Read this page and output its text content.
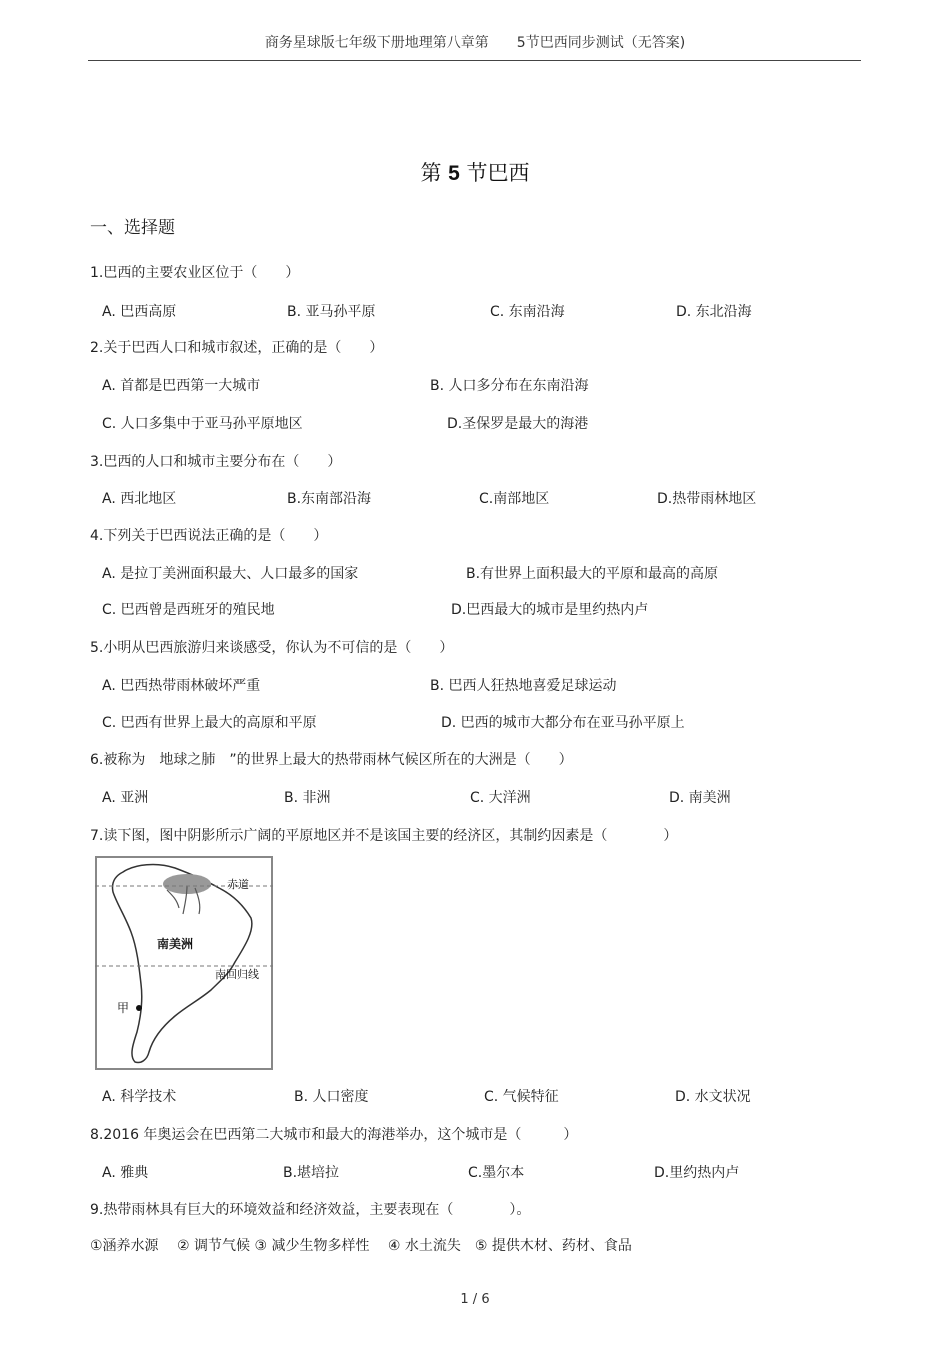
商务星球版七年级下册地理第八章第　　5节巴西同步测试（无答案)
第 5 节巴西
一、选择题
1.巴西的主要农业区位于（　　）
A. 巴西高原	B. 亚马孙平原	C. 东南沿海	D. 东北沿海
2.关于巴西人口和城市叙述，正确的是（　　）
A. 首都是巴西第一大城市	B. 人口多分布在东南沿海
C. 人口多集中于亚马孙平原地区	D.圣保罗是最大的海港
3.巴西的人口和城市主要分布在（　　）
A. 西北地区	B.东南部沿海	C.南部地区	D.热带雨林地区
4.下列关于巴西说法正确的是（　　）
A. 是拉丁美洲面积最大、人口最多的国家	B.有世界上面积最大的平原和最高的高原
C. 巴西曾是西班牙的殖民地	D.巴西最大的城市是里约热内卢
5.小明从巴西旅游归来谈感受，你认为不可信的是（　　）
A. 巴西热带雨林破坏严重	B. 巴西人狂热地喜爱足球运动
C. 巴西有世界上最大的高原和平原	D. 巴西的城市大都分布在亚马孙平原上
6.被称为　地球之肺　”的世界上最大的热带雨林气候区所在的大洲是（　　）
A. 亚洲	B. 非洲	C. 大洋洲	D. 南美洲
7.读下图，图中阴影所示广阔的平原地区并不是该国主要的经济区，其制约因素是（　　　　）
赤道
南美洲
南回归线
甲
A. 科学技术	B. 人口密度	C. 气候特征	D. 水文状况
8.2016 年奥运会在巴西第二大城市和最大的海港举办，这个城市是（　　　）
A. 雅典	B.堪培拉	C.墨尔本	D.里约热内卢
9.热带雨林具有巨大的环境效益和经济效益，主要表现在（　　　　）。
①涵养水源　 ② 调节气候 ③ 减少生物多样性　 ④ 水土流失　⑤ 提供木材、药材、食品
1 / 6
